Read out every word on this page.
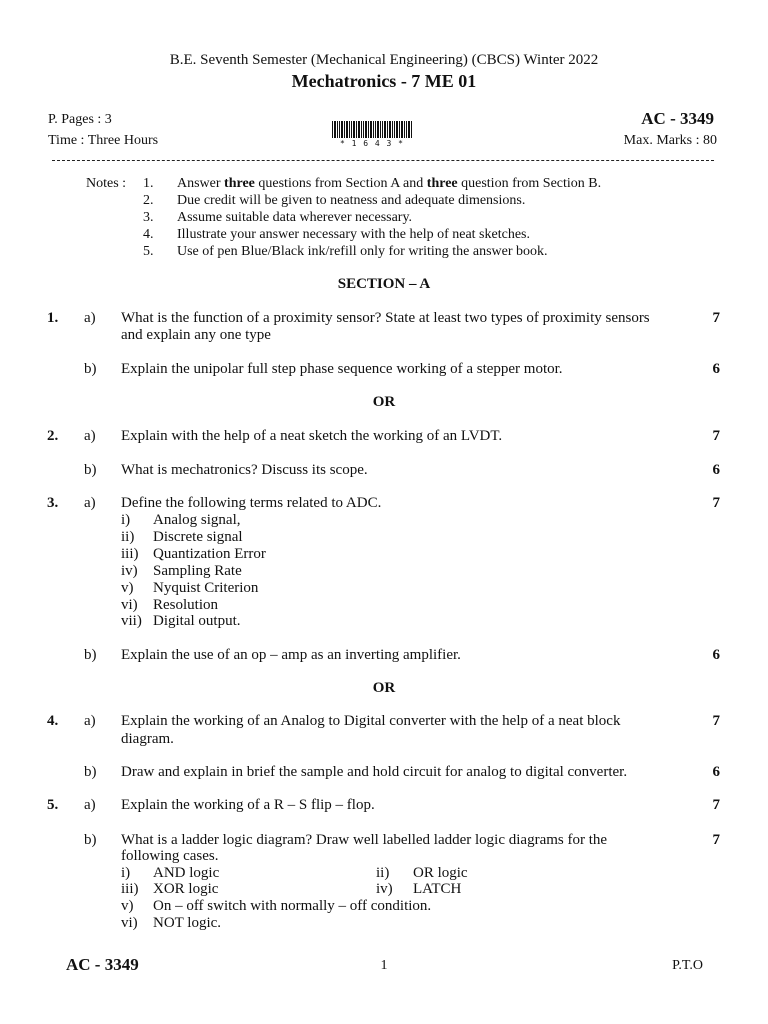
B.E. Seventh Semester (Mechanical Engineering) (CBCS) Winter 2022
Mechatronics - 7 ME 01
P. Pages : 3
Time : Three Hours
AC - 3349
Max. Marks : 80
* 1 6 4 3 *
Notes : 1. Answer three questions from Section A and three question from Section B.
2. Due credit will be given to neatness and adequate dimensions.
3. Assume suitable data wherever necessary.
4. Illustrate your answer necessary with the help of neat sketches.
5. Use of pen Blue/Black ink/refill only for writing the answer book.
SECTION – A
1. a) What is the function of a proximity sensor? State at least two types of proximity sensors
and explain any one type
7
b) Explain the unipolar full step phase sequence working of a stepper motor.	6
OR
2. a) Explain with the help of a neat sketch the working of an LVDT.	7
b) What is mechatronics? Discuss its scope.	6
3. a) Define the following terms related to ADC.	7
i) Analog signal,
ii) Discrete signal
iii) Quantization Error
iv) Sampling Rate
v) Nyquist Criterion
vi) Resolution
vii) Digital output.
b) Explain the use of an op – amp as an inverting amplifier.	6
OR
4. a) Explain the working of an Analog to Digital converter with the help of a neat block
diagram.
7
b) Draw and explain in brief the sample and hold circuit for analog to digital converter.	6
5. a) Explain the working of a R – S flip – flop.	7
b) What is a ladder logic diagram? Draw well labelled ladder logic diagrams for the
following cases.
7
i) AND logic	ii) OR logic
iii) XOR logic	iv) LATCH
v) On – off switch with normally – off condition.
vi) NOT logic.
AC - 3349	1	P.T.O
